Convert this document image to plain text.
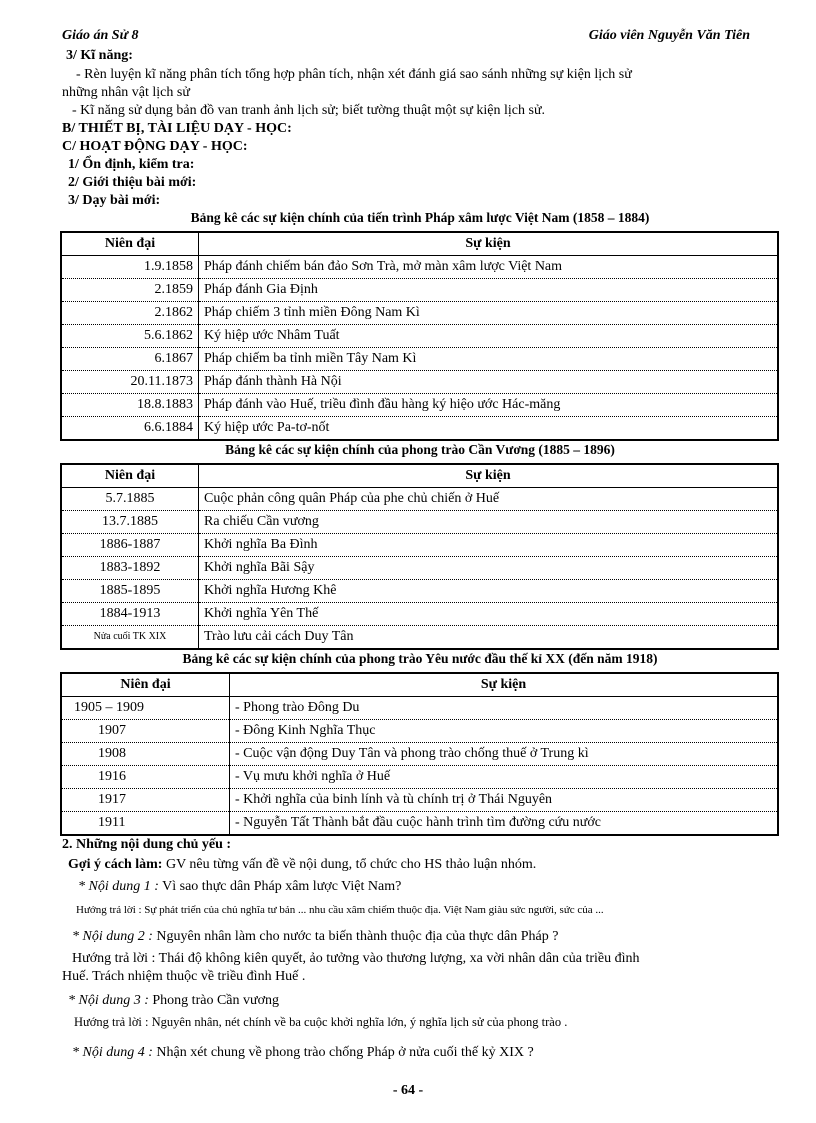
Giáo án Sử 8	Giáo viên Nguyễn Văn Tiên
3/ Kĩ năng:
- Rèn luyện kĩ năng phân tích tổng hợp phân tích, nhận xét đánh giá sao sánh những sự kiện lịch sử
những nhân vật lịch sử
- Kĩ năng sử dụng bản đồ van tranh ảnh lịch sử; biết tường thuật một sự kiện lịch sử.
B/ THIẾT BỊ, TÀI LIỆU DẠY - HỌC:
C/ HOẠT ĐỘNG DẠY - HỌC:
1/ Ổn định, kiểm tra:
2/ Giới thiệu bài mới:
3/ Dạy bài mới:
Bảng kê các sự kiện chính của tiến trình Pháp xâm lược Việt Nam (1858 – 1884)
Niên đại	Sự kiện
1.9.1858	Pháp đánh chiếm bán đảo Sơn Trà, mở màn xâm lược Việt Nam
2.1859	Pháp đánh Gia Định
2.1862	Pháp chiếm 3 tỉnh miền Đông Nam Kì
5.6.1862	Ký hiệp ước Nhâm Tuất
6.1867	Pháp chiếm ba tỉnh miền Tây Nam Kì
20.11.1873	Pháp đánh thành Hà Nội
18.8.1883	Pháp đánh vào Huế, triều đình đầu hàng ký hiệo ước Hác-măng
6.6.1884	Ký hiệp ước Pa-tơ-nốt
Bảng kê các sự kiện chính của phong trào Cần Vương (1885 – 1896)
Niên đại	Sự kiện
5.7.1885	Cuộc phản công quân Pháp của phe chủ chiến ở Huế
13.7.1885	Ra chiếu Cần vương
1886-1887	Khởi nghĩa Ba Đình
1883-1892	Khởi nghĩa Bãi Sậy
1885-1895	Khởi nghĩa Hương Khê
1884-1913	Khởi nghĩa Yên Thế
Nửa cuối TK XIX	Trào lưu cải cách Duy Tân
Bảng kê các sự kiện chính của phong trào Yêu nước đầu thế kỉ XX (đến năm 1918)
Niên đại	Sự kiện
1905 – 1909	- Phong trào Đông Du
1907	- Đông Kinh Nghĩa Thục
1908	- Cuộc vận động Duy Tân và phong trào chống thuế ở Trung kì
1916	- Vụ mưu khởi nghĩa ở Huế
1917	- Khởi nghĩa của binh lính và tù chính trị ở Thái Nguyên
1911	- Nguyễn Tất Thành bắt đầu cuộc hành trình tìm đường cứu nước
2. Những nội dung chủ yếu :
Gợi ý cách làm: GV nêu từng vấn đề về nội dung, tổ chức cho HS thảo luận nhóm.
* Nội dung 1 : Vì sao thực dân Pháp xâm lược Việt Nam?
Hướng trả lời : Sự phát triển của chủ nghĩa tư bản ... nhu cầu xâm chiếm thuộc địa. Việt Nam giàu sức người, sức của ...
* Nội dung 2 : Nguyên nhân làm cho nước ta biến thành thuộc địa của thực dân Pháp ?
Hướng trả lời : Thái độ không kiên quyết, ảo tưởng vào thương lượng, xa vời nhân dân của triều đình
Huế. Trách nhiệm thuộc về triều đình Huế .
* Nội dung 3 : Phong trào Cần vương
Hướng trả lời : Nguyên nhân, nét chính về ba cuộc khởi nghĩa lớn, ý nghĩa lịch sử của phong trào .
* Nội dung 4 : Nhận xét chung về phong trào chống Pháp ở nửa cuối thế kỷ XIX ?
- 64 -
